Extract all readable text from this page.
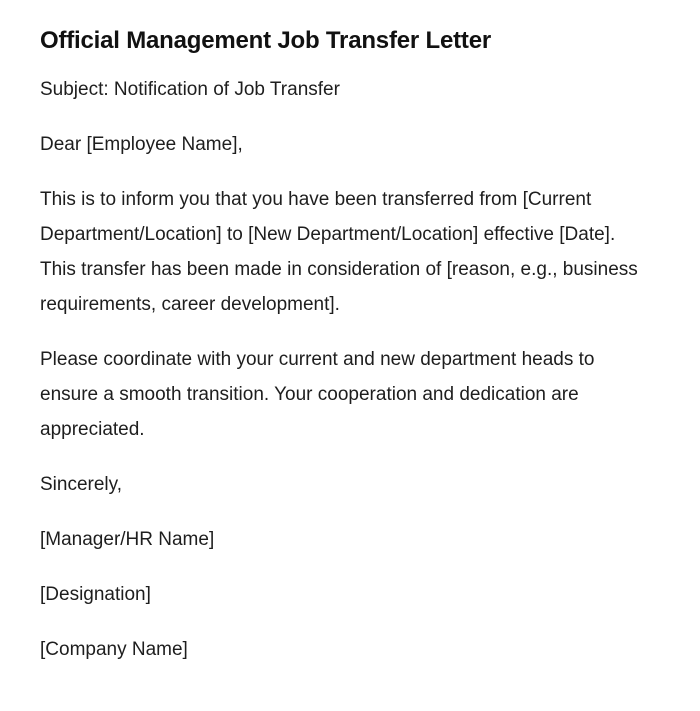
Official Management Job Transfer Letter

Subject: Notification of Job Transfer

Dear [Employee Name],

This is to inform you that you have been transferred from [Current Department/Location] to [New Department/Location] effective [Date]. This transfer has been made in consideration of [reason, e.g., business requirements, career development].

Please coordinate with your current and new department heads to ensure a smooth transition. Your cooperation and dedication are appreciated.

Sincerely,

[Manager/HR Name]

[Designation]

[Company Name]
